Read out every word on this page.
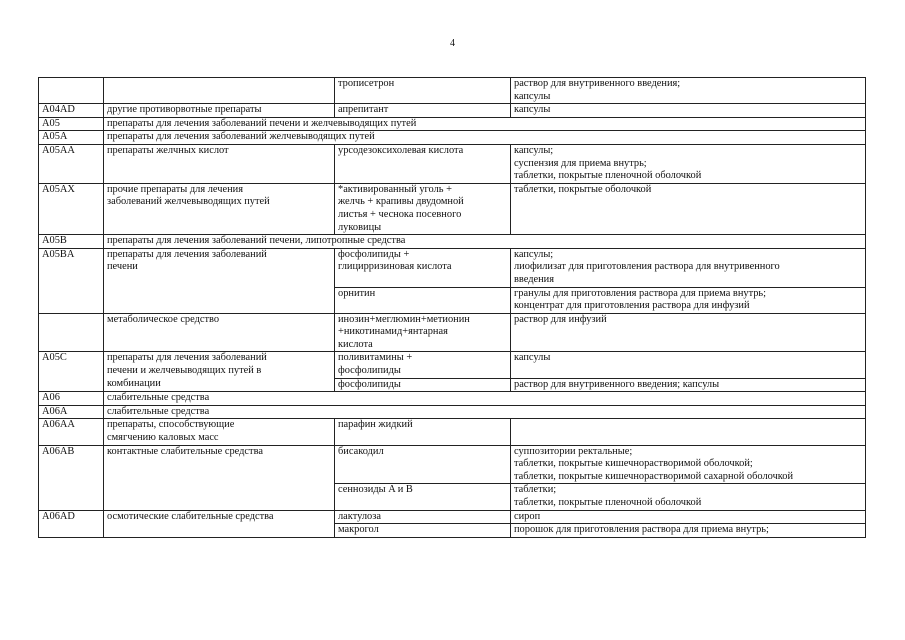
4
		трописетрон	раствор для внутривенного введения;
капсулы
A04AD	другие противорвотные препараты	апрепитант	капсулы
A05	препараты для лечения заболеваний печени и желчевыводящих путей		
A05A	препараты для лечения заболеваний желчевыводящих путей		
A05AA	препараты желчных кислот	урсодезоксихолевая кислота	капсулы;
суспензия для приема внутрь;
таблетки, покрытые пленочной оболочкой
A05AX	прочие препараты для лечения
заболеваний желчевыводящих путей	*активированный уголь +
желчь + крапивы двудомной
листья + чеснока посевного
луковицы	таблетки, покрытые оболочкой
A05B	препараты для лечения заболеваний печени, липотропные средства		
A05BA	препараты для лечения заболеваний
печени	фосфолипиды +
глицирризиновая кислота	капсулы;
лиофилизат для приготовления раствора для внутривенного
введения
		орнитин	гранулы для приготовления раствора для приема внутрь;
концентрат для приготовления раствора для инфузий
	метаболическое средство	инозин+меглюмин+метионин
+никотинамид+янтарная
кислота	раствор для инфузий
A05C	препараты для лечения заболеваний
печени и желчевыводящих путей в
комбинации	поливитамины +
фосфолипиды	капсулы
		фосфолипиды	раствор для внутривенного введения; капсулы
A06	слабительные средства		
A06A	слабительные средства		
A06AA	препараты, способствующие
смягчению каловых масс	парафин жидкий	
A06AB	контактные слабительные средства	бисакодил	суппозитории ректальные;
таблетки, покрытые кишечнорастворимой оболочкой;
таблетки, покрытые кишечнорастворимой сахарной оболочкой
		сеннозиды A и B	таблетки;
таблетки, покрытые пленочной оболочкой
A06AD	осмотические слабительные средства	лактулоза	сироп
		макрогол	порошок для приготовления раствора для приема внутрь;
